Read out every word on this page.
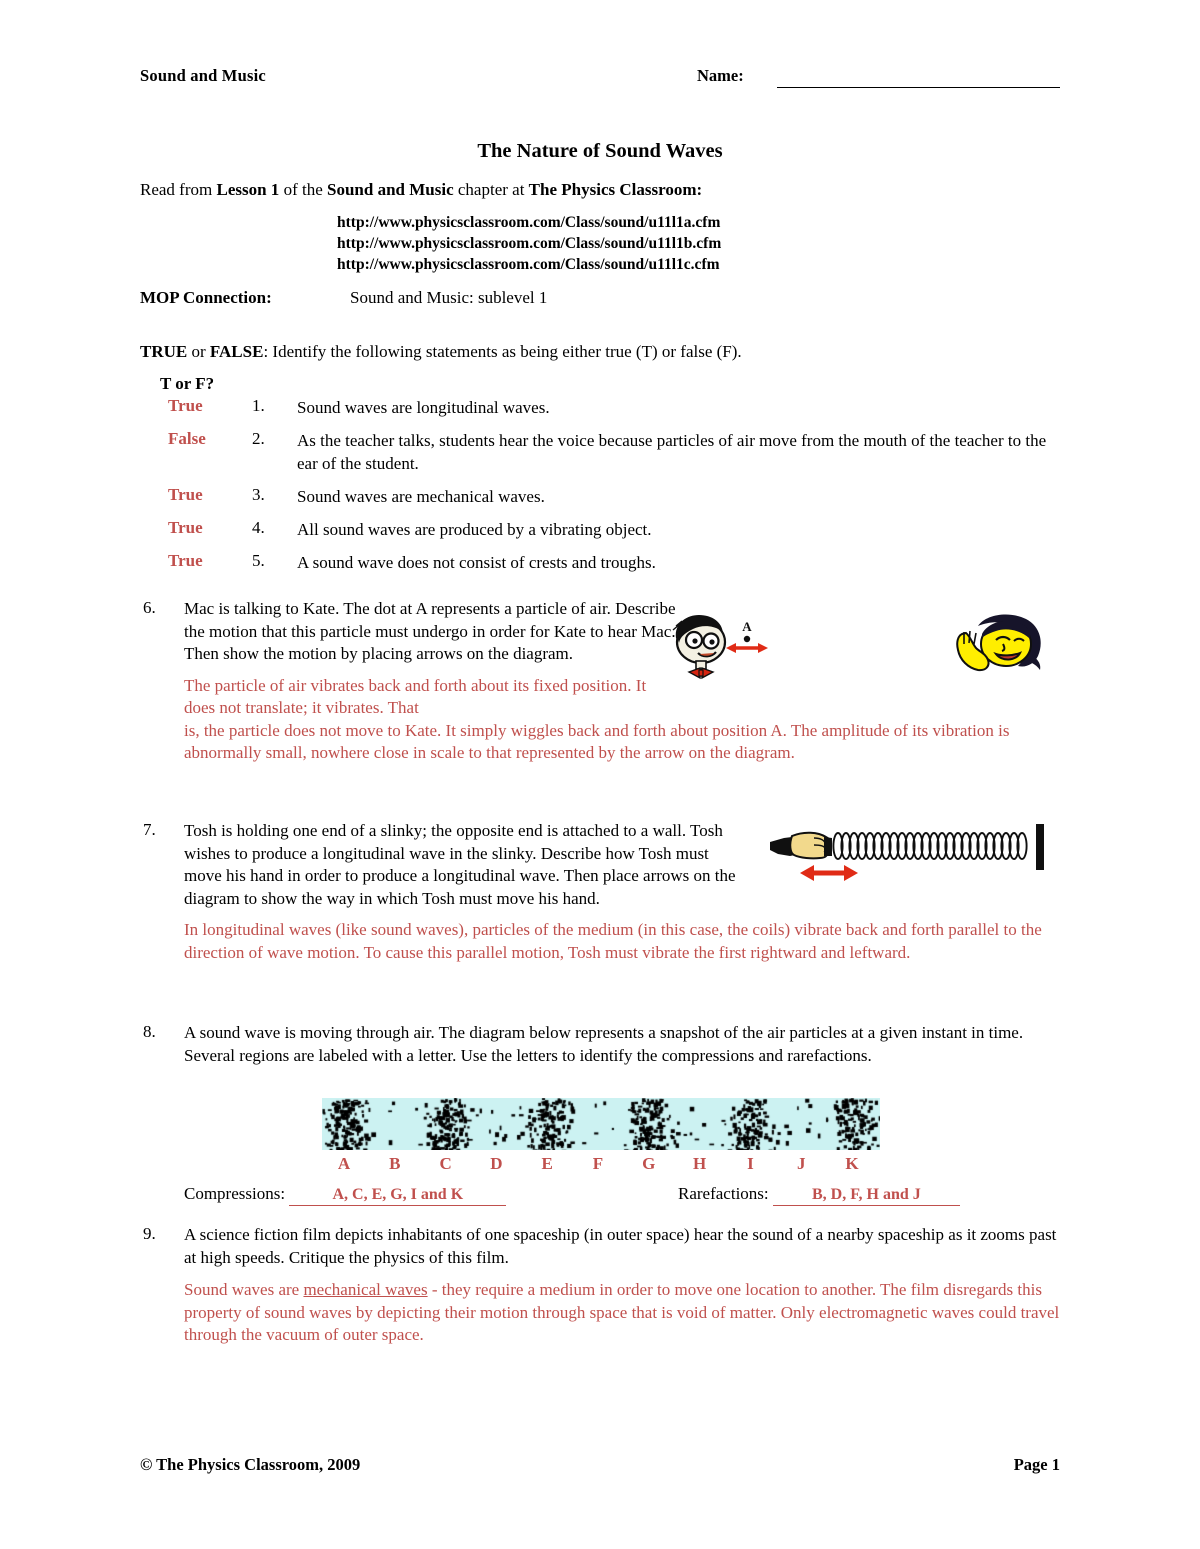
Sound and Music	Name:
The Nature of Sound Waves
Read from Lesson 1 of the Sound and Music chapter at The Physics Classroom:
http://www.physicsclassroom.com/Class/sound/u11l1a.cfm
http://www.physicsclassroom.com/Class/sound/u11l1b.cfm
http://www.physicsclassroom.com/Class/sound/u11l1c.cfm
MOP Connection:	Sound and Music: sublevel 1
TRUE or FALSE: Identify the following statements as being either true (T) or false (F).
T or F?
True	1. Sound waves are longitudinal waves.
False	2. As the teacher talks, students hear the voice because particles of air move from the mouth of the teacher to the ear of the student.
True	3. Sound waves are mechanical waves.
True	4. All sound waves are produced by a vibrating object.
True	5. A sound wave does not consist of crests and troughs.
6. Mac is talking to Kate. The dot at A represents a particle of air. Describe the motion that this particle must undergo in order for Kate to hear Mac. Then show the motion by placing arrows on the diagram.
The particle of air vibrates back and forth about its fixed position. It does not translate; it vibrates. That
is, the particle does not move to Kate. It simply wiggles back and forth about position A. The amplitude of its vibration is abnormally small, nowhere close in scale to that represented by the arrow on the diagram.
7. Tosh is holding one end of a slinky; the opposite end is attached to a wall. Tosh wishes to produce a longitudinal wave in the slinky. Describe how Tosh must move his hand in order to produce a longitudinal wave. Then place arrows on the diagram to show the way in which Tosh must move his hand.
In longitudinal waves (like sound waves), particles of the medium (in this case, the coils) vibrate back and forth parallel to the direction of wave motion. To cause this parallel motion, Tosh must vibrate the first rightward and leftward.
8. A sound wave is moving through air. The diagram below represents a snapshot of the air particles at a given instant in time. Several regions are labeled with a letter. Use the letters to identify the compressions and rarefactions.
9. A science fiction film depicts inhabitants of one spaceship (in outer space) hear the sound of a nearby spaceship as it zooms past at high speeds. Critique the physics of this film.
Sound waves are mechanical waves - they require a medium in order to move one location to another. The film disregards this property of sound waves by depicting their motion through space that is void of matter. Only electromagnetic waves could travel through the vacuum of outer space.
© The Physics Classroom, 2009	Page 1
A
A	B	C	D	E	F	G	H	I	J	K
Compressions:	A, C, E, G, I and K	Rarefactions:	B, D, F, H and J
